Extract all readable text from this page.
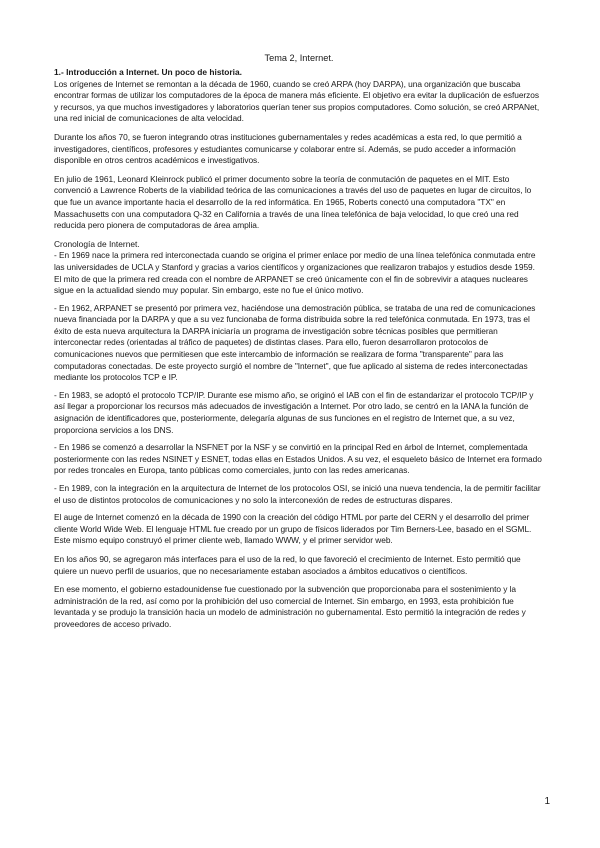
Tema 2, Internet.

1.- Introducción a Internet. Un poco de historia.

Los orígenes de Internet se remontan a la década de 1960, cuando se creó ARPA (hoy DARPA), una organización que buscaba encontrar formas de utilizar los computadores de la época de manera más eficiente. El objetivo era evitar la duplicación de esfuerzos y recursos, ya que muchos investigadores y laboratorios querían tener sus propios computadores. Como solución, se creó ARPANet, una red inicial de comunicaciones de alta velocidad.

Durante los años 70, se fueron integrando otras instituciones gubernamentales y redes académicas a esta red, lo que permitió a investigadores, científicos, profesores y estudiantes comunicarse y colaborar entre sí. Además, se pudo acceder a información disponible en otros centros académicos e investigativos.

En julio de 1961, Leonard Kleinrock publicó el primer documento sobre la teoría de conmutación de paquetes en el MIT. Esto convenció a Lawrence Roberts de la viabilidad teórica de las comunicaciones a través del uso de paquetes en lugar de circuitos, lo que fue un avance importante hacia el desarrollo de la red informática. En 1965, Roberts conectó una computadora "TX" en Massachusetts con una computadora Q-32 en California a través de una línea telefónica de baja velocidad, lo que creó una red reducida pero pionera de computadoras de área amplia.

Cronología de Internet.

- En 1969 nace la primera red interconectada cuando se origina el primer enlace por medio de una línea telefónica conmutada entre las universidades de UCLA y Stanford y gracias a varios científicos y organizaciones que realizaron trabajos y estudios desde 1959. El mito de que la primera red creada con el nombre de ARPANET se creó únicamente con el fin de sobrevivir a ataques nucleares sigue en la actualidad siendo muy popular. Sin embargo, este no fue el único motivo.

- En 1962, ARPANET se presentó por primera vez, haciéndose una demostración pública, se trataba de una red de comunicaciones nueva financiada por la DARPA y que a su vez funcionaba de forma distribuida sobre la red telefónica conmutada. En 1973, tras el éxito de esta nueva arquitectura la DARPA iniciaría un programa de investigación sobre técnicas posibles que permitieran interconectar redes (orientadas al tráfico de paquetes) de distintas clases. Para ello, fueron desarrollaron protocolos de comunicaciones nuevos que permitiesen que este intercambio de información se realizara de forma "transparente" para las computadoras conectadas. De este proyecto surgió el nombre de "Internet", que fue aplicado al sistema de redes interconectadas mediante los protocolos TCP e IP.

- En 1983, se adoptó el protocolo TCP/IP. Durante ese mismo año, se originó el IAB con el fin de estandarizar el protocolo TCP/IP y así llegar a proporcionar los recursos más adecuados de investigación a Internet. Por otro lado, se centró en la IANA la función de asignación de identificadores que, posteriormente, delegaría algunas de sus funciones en el registro de Internet que, a su vez, proporciona servicios a los DNS.

- En 1986 se comenzó a desarrollar la NSFNET por la NSF y se convirtió en la principal Red en árbol de Internet, complementada posteriormente con las redes NSINET y ESNET, todas ellas en Estados Unidos. A su vez, el esqueleto básico de Internet era formado por redes troncales en Europa, tanto públicas como comerciales, junto con las redes americanas.

- En 1989, con la integración en la arquitectura de Internet de los protocolos OSI, se inició una nueva tendencia, la de permitir facilitar el uso de distintos protocolos de comunicaciones y no solo la interconexión de redes de estructuras dispares.

El auge de Internet comenzó en la década de 1990 con la creación del código HTML por parte del CERN y el desarrollo del primer cliente World Wide Web. El lenguaje HTML fue creado por un grupo de físicos liderados por Tim Berners-Lee, basado en el SGML. Este mismo equipo construyó el primer cliente web, llamado WWW, y el primer servidor web.

En los años 90, se agregaron más interfaces para el uso de la red, lo que favoreció el crecimiento de Internet. Esto permitió que quiere un nuevo perfil de usuarios, que no necesariamente estaban asociados a ámbitos educativos o científicos.

En ese momento, el gobierno estadounidense fue cuestionado por la subvención que proporcionaba para el sostenimiento y la administración de la red, así como por la prohibición del uso comercial de Internet. Sin embargo, en 1993, esta prohibición fue levantada y se produjo la transición hacia un modelo de administración no gubernamental. Esto permitió la integración de redes y proveedores de acceso privado.

1
